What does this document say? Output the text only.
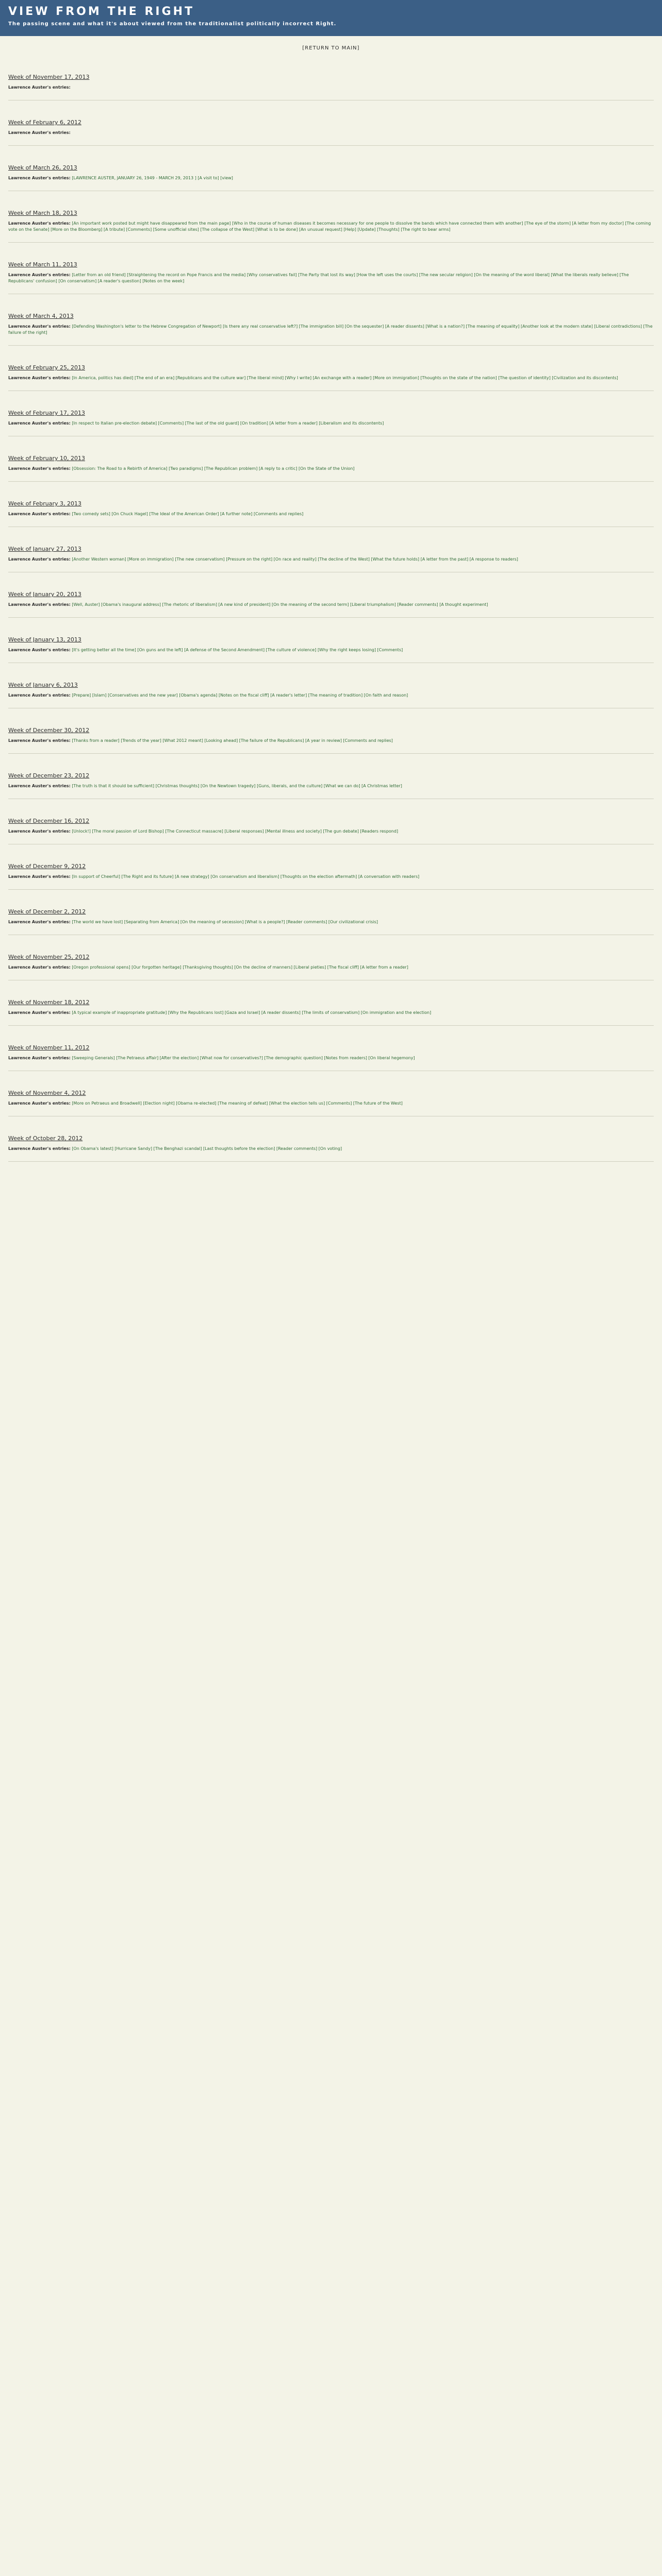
VIEW FROM THE RIGHT
The passing scene and what it's about viewed from the traditionalist politically incorrect Right.
[RETURN TO MAIN]
Week of November 17, 2013

Lawrence Auster's entries:

Week of February 6, 2012

Lawrence Auster's entries:

Week of March 26, 2013

Lawrence Auster's entries: [LAWRENCE AUSTER, JANUARY 26, 1949 - MARCH 29, 2013 ] [A visit to] [view]

Week of March 18, 2013

Lawrence Auster's entries: [An important work posted but might have disappeared from the main page] [Who in the course of human diseases it becomes necessary for one people to dissolve the bands which have connected them with another] [The eye of the storm] [A letter from my doctor] [The coming vote on the Senate] [More on the Bloomberg] [A tribute] [Comments] [Some unofficial sites] [The collapse of the West] [What is to be done] [An unusual request] [Help] [Update] [Thoughts] [The right to bear arms]

Week of March 11, 2013

Lawrence Auster's entries: [Letter from an old friend] [Straightening the record on Pope Francis and the media] [Why conservatives fail] [The Party that lost its way] [How the left uses the courts] [The new secular religion] [On the meaning of the word liberal] [What the liberals really believe] [The Republicans' confusion] [On conservatism] [A reader's question] [Notes on the week]

Week of March 4, 2013

Lawrence Auster's entries: [Defending Washington's letter to the Hebrew Congregation of Newport] [Is there any real conservative left?] [The immigration bill] [On the sequester] [A reader dissents] [What is a nation?] [The meaning of equality] [Another look at the modern state] [Liberal contradictions] [The failure of the right]

Week of February 25, 2013

Lawrence Auster's entries: [In America, politics has died] [The end of an era] [Republicans and the culture war] [The liberal mind] [Why I write] [An exchange with a reader] [More on immigration] [Thoughts on the state of the nation] [The question of identity] [Civilization and its discontents]

Week of February 17, 2013

Lawrence Auster's entries: [In respect to Italian pre-election debate] [Comments] [The last of the old guard] [On tradition] [A letter from a reader] [Liberalism and its discontents]

Week of February 10, 2013

Lawrence Auster's entries: [Obsession: The Road to a Rebirth of America] [Two paradigms] [The Republican problem] [A reply to a critic] [On the State of the Union]

Week of February 3, 2013

Lawrence Auster's entries: [Two comedy sets] [On Chuck Hagel] [The Ideal of the American Order] [A further note] [Comments and replies]

Week of January 27, 2013

Lawrence Auster's entries: [Another Western woman] [More on immigration] [The new conservatism] [Pressure on the right] [On race and reality] [The decline of the West] [What the future holds] [A letter from the past] [A response to readers]

Week of January 20, 2013

Lawrence Auster's entries: [Well, Auster] [Obama's inaugural address] [The rhetoric of liberalism] [A new kind of president] [On the meaning of the second term] [Liberal triumphalism] [Reader comments] [A thought experiment]

Week of January 13, 2013

Lawrence Auster's entries: [It's getting better all the time] [On guns and the left] [A defense of the Second Amendment] [The culture of violence] [Why the right keeps losing] [Comments]

Week of January 6, 2013

Lawrence Auster's entries: [Prepare] [Islam] [Conservatives and the new year] [Obama's agenda] [Notes on the fiscal cliff] [A reader's letter] [The meaning of tradition] [On faith and reason]

Week of December 30, 2012

Lawrence Auster's entries: [Thanks from a reader] [Trends of the year] [What 2012 meant] [Looking ahead] [The failure of the Republicans] [A year in review] [Comments and replies]

Week of December 23, 2012

Lawrence Auster's entries: [The truth is that it should be sufficient] [Christmas thoughts] [On the Newtown tragedy] [Guns, liberals, and the culture] [What we can do] [A Christmas letter]

Week of December 16, 2012

Lawrence Auster's entries: [Unlock!] [The moral passion of Lord Bishop] [The Connecticut massacre] [Liberal responses] [Mental illness and society] [The gun debate] [Readers respond]

Week of December 9, 2012

Lawrence Auster's entries: [In support of Cheerful] [The Right and its future] [A new strategy] [On conservatism and liberalism] [Thoughts on the election aftermath] [A conversation with readers]

Week of December 2, 2012

Lawrence Auster's entries: [The world we have lost] [Separating from America] [On the meaning of secession] [What is a people?] [Reader comments] [Our civilizational crisis]

Week of November 25, 2012

Lawrence Auster's entries: [Oregon professional opens] [Our forgotten heritage] [Thanksgiving thoughts] [On the decline of manners] [Liberal pieties] [The fiscal cliff] [A letter from a reader]

Week of November 18, 2012

Lawrence Auster's entries: [A typical example of inappropriate gratitude] [Why the Republicans lost] [Gaza and Israel] [A reader dissents] [The limits of conservatism] [On immigration and the election]

Week of November 11, 2012

Lawrence Auster's entries: [Sweeping Generals] [The Petraeus affair] [After the election] [What now for conservatives?] [The demographic question] [Notes from readers] [On liberal hegemony]

Week of November 4, 2012

Lawrence Auster's entries: [More on Petraeus and Broadwell] [Election night] [Obama re-elected] [The meaning of defeat] [What the election tells us] [Comments] [The future of the West]

Week of October 28, 2012

Lawrence Auster's entries: [On Obama's latest] [Hurricane Sandy] [The Benghazi scandal] [Last thoughts before the election] [Reader comments] [On voting]
